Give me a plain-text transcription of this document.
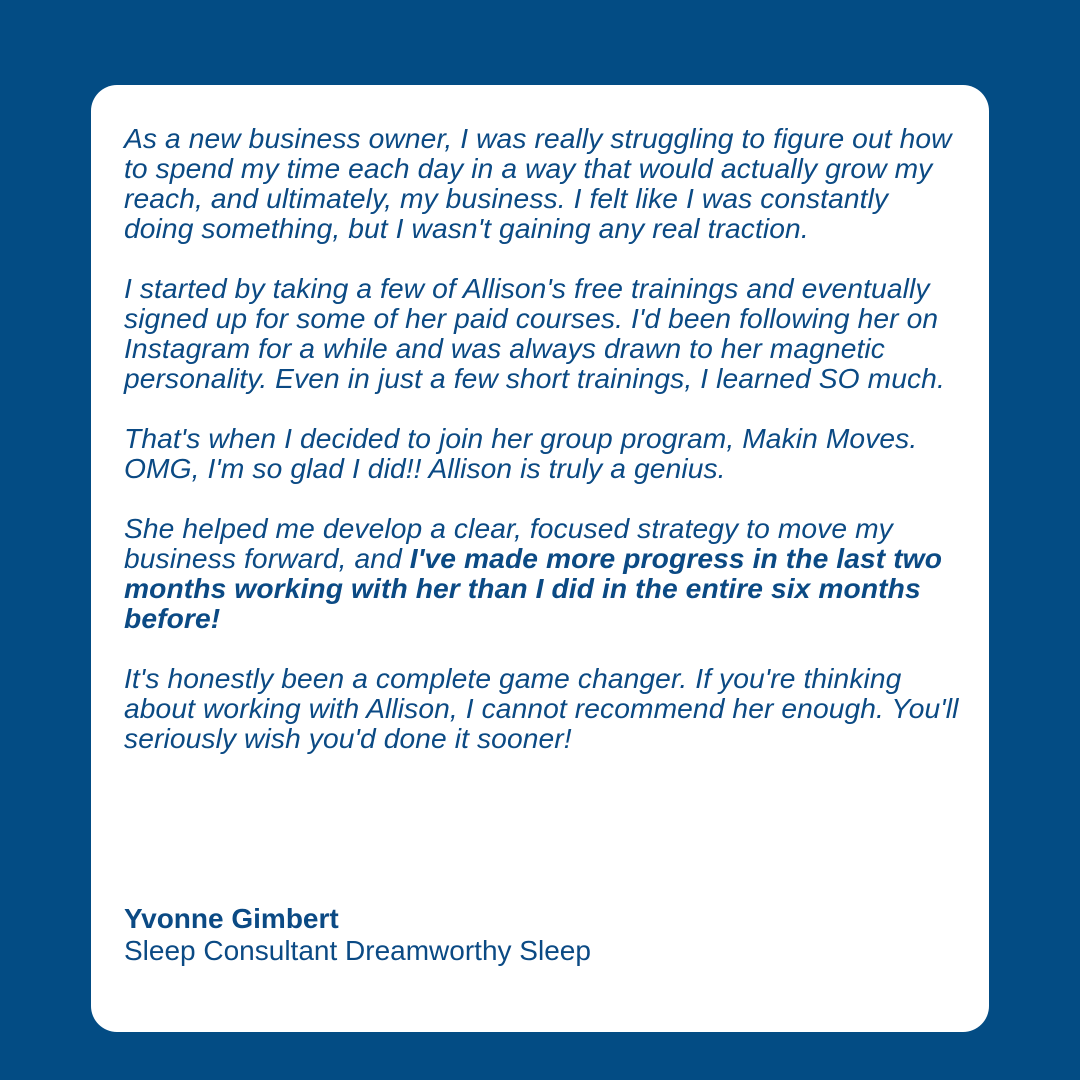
As a new business owner, I was really struggling to figure out how to spend my time each day in a way that would actually grow my reach, and ultimately, my business. I felt like I was constantly doing something, but I wasn't gaining any real traction.

I started by taking a few of Allison's free trainings and eventually signed up for some of her paid courses. I'd been following her on Instagram for a while and was always drawn to her magnetic personality. Even in just a few short trainings, I learned SO much.

That's when I decided to join her group program, Makin Moves. OMG, I'm so glad I did!! Allison is truly a genius.

She helped me develop a clear, focused strategy to move my business forward, and I've made more progress in the last two months working with her than I did in the entire six months before!

It's honestly been a complete game changer. If you're thinking about working with Allison, I cannot recommend her enough. You'll seriously wish you'd done it sooner!

Yvonne Gimbert
Sleep Consultant Dreamworthy Sleep
